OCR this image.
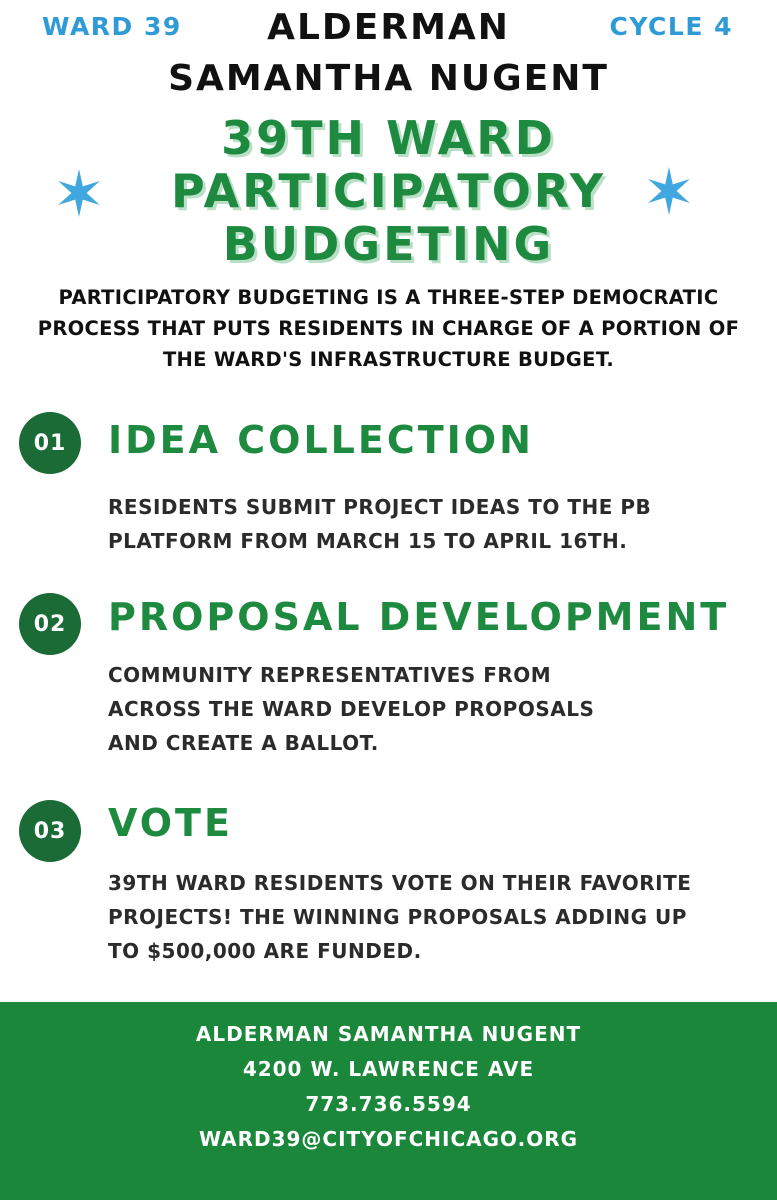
WARD 39	CYCLE 4
ALDERMAN
SAMANTHA NUGENT
39TH WARD
PARTICIPATORY
BUDGETING
PARTICIPATORY BUDGETING IS A THREE-STEP DEMOCRATIC
PROCESS THAT PUTS RESIDENTS IN CHARGE OF A PORTION OF
THE WARD'S INFRASTRUCTURE BUDGET.
01	IDEA COLLECTION
RESIDENTS SUBMIT PROJECT IDEAS TO THE PB
PLATFORM FROM MARCH 15 TO APRIL 16TH.
02	PROPOSAL DEVELOPMENT
COMMUNITY REPRESENTATIVES FROM
ACROSS THE WARD DEVELOP PROPOSALS
AND CREATE A BALLOT.
03	VOTE
39TH WARD RESIDENTS VOTE ON THEIR FAVORITE
PROJECTS! THE WINNING PROPOSALS ADDING UP
TO $500,000 ARE FUNDED.
ALDERMAN SAMANTHA NUGENT
4200 W. LAWRENCE AVE
773.736.5594
WARD39@CITYOFCHICAGO.ORG
